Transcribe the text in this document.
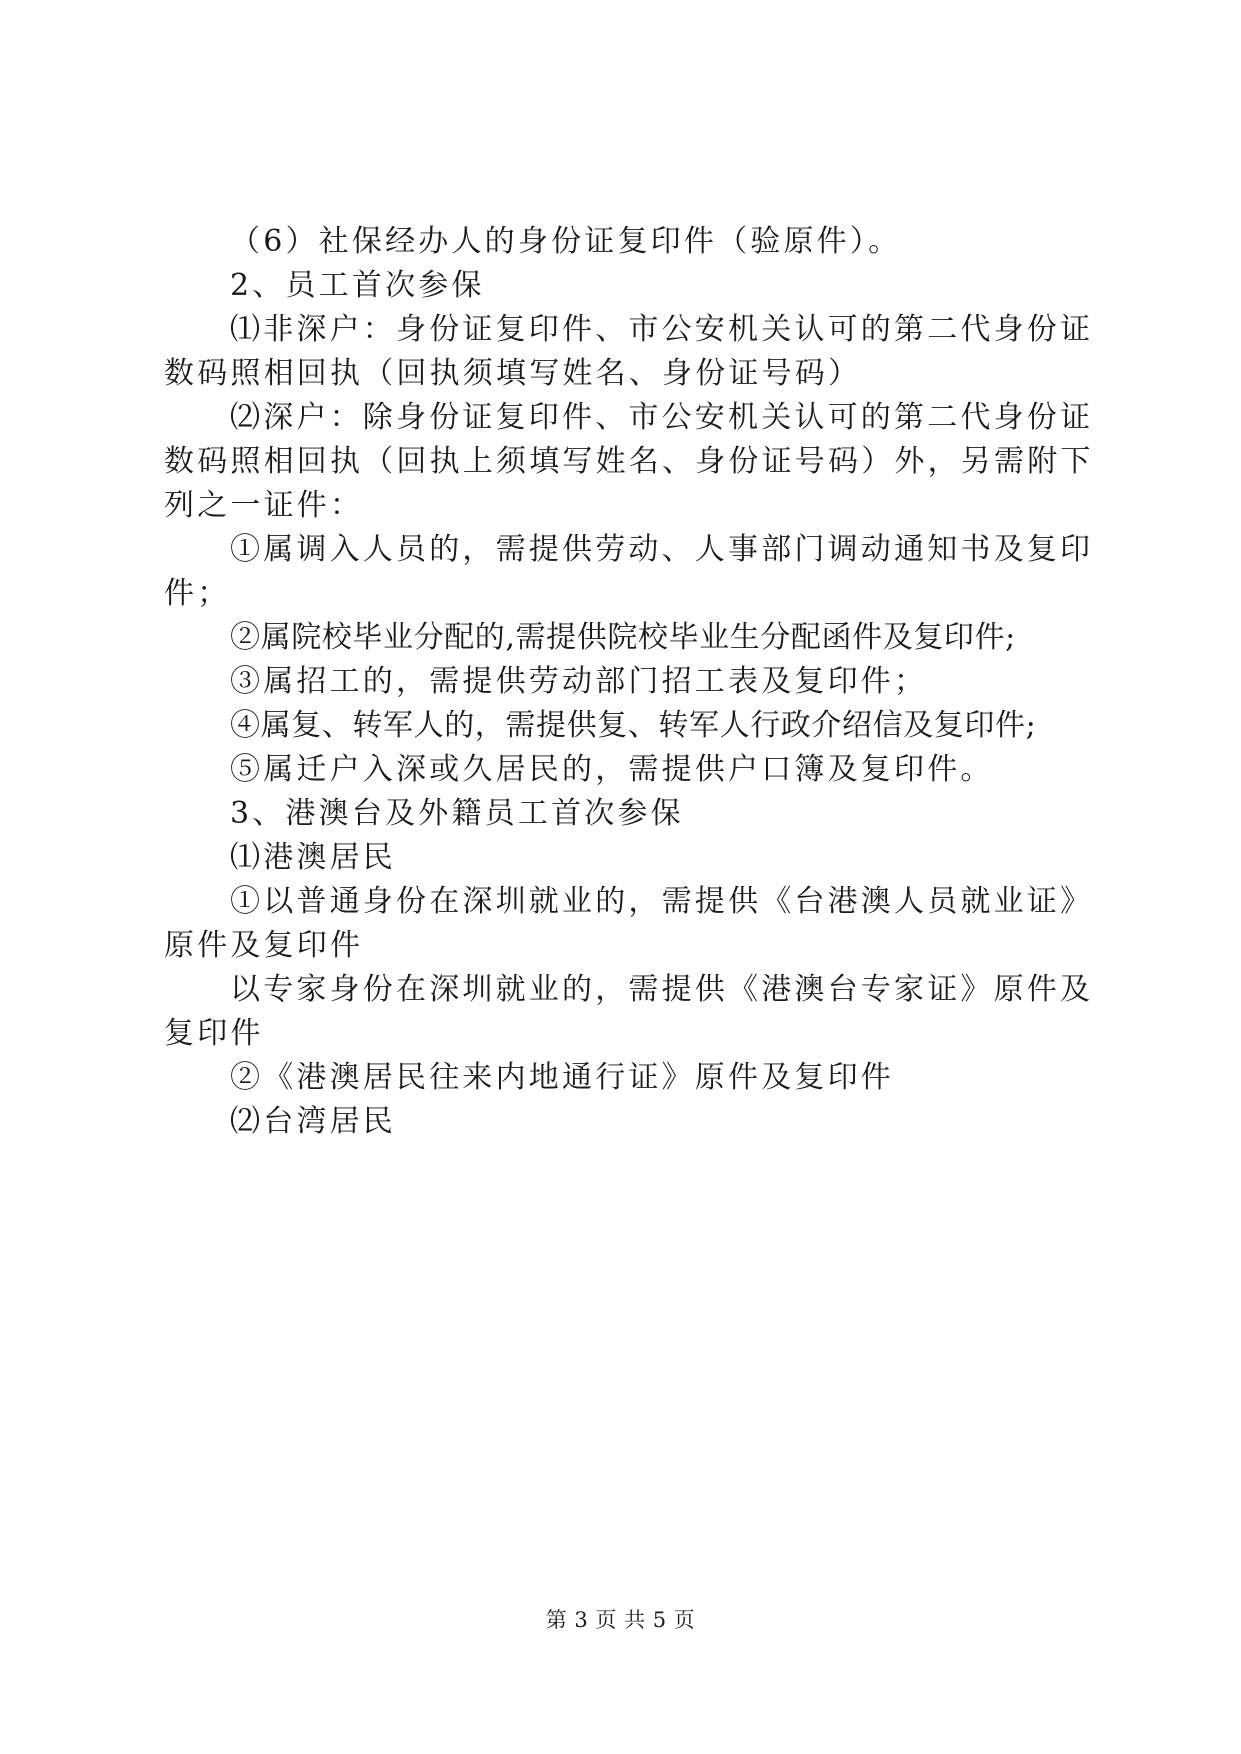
（6）社保经办人的身份证复印件（验原件）。
2、员工首次参保
⑴非深户：身份证复印件、市公安机关认可的第二代身份证
数码照相回执（回执须填写姓名、身份证号码）
⑵深户：除身份证复印件、市公安机关认可的第二代身份证
数码照相回执（回执上须填写姓名、身份证号码）外，另需附下
列之一证件：
①属调入人员的，需提供劳动、人事部门调动通知书及复印
件；
②属院校毕业分配的,需提供院校毕业生分配函件及复印件;
③属招工的，需提供劳动部门招工表及复印件；
④属复、转军人的，需提供复、转军人行政介绍信及复印件;
⑤属迁户入深或久居民的，需提供户口簿及复印件。
3、港澳台及外籍员工首次参保
⑴港澳居民
①以普通身份在深圳就业的，需提供《台港澳人员就业证》
原件及复印件
以专家身份在深圳就业的，需提供《港澳台专家证》原件及
复印件
②《港澳居民往来内地通行证》原件及复印件
⑵台湾居民
第 3 页 共 5 页
